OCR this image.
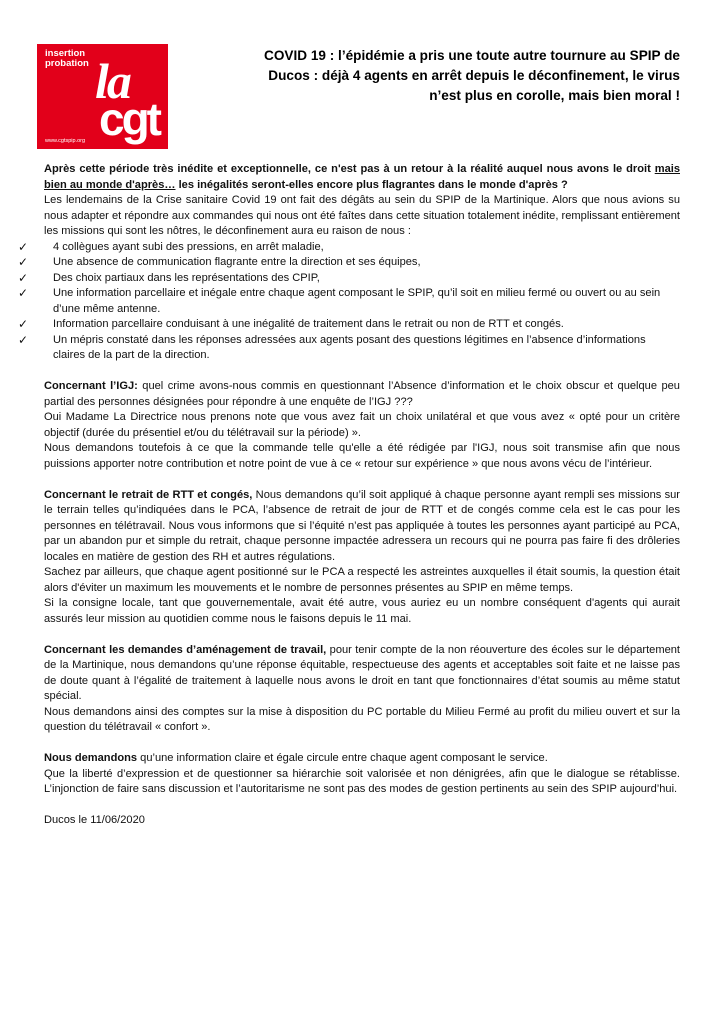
insertion
probation la
cgt
www.cgtspip.org
COVID 19 : l’épidémie a pris une toute autre tournure au SPIP de
Ducos : déjà 4 agents en arrêt depuis le déconfinement, le virus
n’est plus en corolle, mais bien moral !

Après cette période très inédite et exceptionnelle, ce n'est pas à un retour à la réalité auquel nous avons le droit mais bien au monde d'après… les inégalités seront-elles encore plus flagrantes dans le monde d'après ?

Les lendemains de la Crise sanitaire Covid 19 ont fait des dégâts au sein du SPIP de la Martinique. Alors que nous avions su nous adapter et répondre aux commandes qui nous ont été faîtes dans cette situation totalement inédite, remplissant entièrement les missions qui sont les nôtres, le déconfinement aura eu raison de nous :

✓	4 collègues ayant subi des pressions, en arrêt maladie,
✓	Une absence de communication flagrante entre la direction et ses équipes,
✓	Des choix partiaux dans les représentations des CPIP,
✓	Une information parcellaire et inégale entre chaque agent composant le SPIP, qu’il soit en milieu fermé ou ouvert ou au sein d’une même antenne.
✓	Information parcellaire conduisant à une inégalité de traitement dans le retrait ou non de RTT et congés.
✓	Un mépris constaté dans les réponses adressées aux agents posant des questions légitimes en l’absence d’informations claires de la part de la direction.

Concernant l’IGJ: quel crime avons-nous commis en questionnant l’Absence d’information et le choix obscur et quelque peu partial des personnes désignées pour répondre à une enquête de l’IGJ ???

Oui Madame La Directrice nous prenons note que vous avez fait un choix unilatéral et que vous avez « opté pour un critère objectif (durée du présentiel et/ou du télétravail sur la période) ».

Nous demandons toutefois à ce que la commande telle qu'elle a été rédigée par l'IGJ, nous soit transmise afin que nous puissions apporter notre contribution et notre point de vue à ce « retour sur expérience » que nous avons vécu de l’intérieur.

Concernant le retrait de RTT et congés, Nous demandons qu’il soit appliqué à chaque personne ayant rempli ses missions sur le terrain telles qu’indiquées dans le PCA, l’absence de retrait de jour de RTT et de congés comme cela est le cas pour les personnes en télétravail. Nous vous informons que si l’équité n’est pas appliquée à toutes les personnes ayant participé au PCA, par un abandon pur et simple du retrait, chaque personne impactée adressera un recours qui ne pourra pas faire fi des drôleries locales en matière de gestion des RH et autres régulations.

Sachez par ailleurs, que chaque agent positionné sur le PCA a respecté les astreintes auxquelles il était soumis, la question était alors d'éviter un maximum les mouvements et le nombre de personnes présentes au SPIP en même temps.

Si la consigne locale, tant que gouvernementale, avait été autre, vous auriez eu un nombre conséquent d'agents qui aurait assurés leur mission au quotidien comme nous le faisons depuis le 11 mai.

Concernant les demandes d’aménagement de travail, pour tenir compte de la non réouverture des écoles sur le département de la Martinique, nous demandons qu’une réponse équitable, respectueuse des agents et acceptables soit faite et ne laisse pas de doute quant à l’égalité de traitement à laquelle nous avons le droit en tant que fonctionnaires d’état soumis au même statut spécial.

Nous demandons ainsi des comptes sur la mise à disposition du PC portable du Milieu Fermé au profit du milieu ouvert et sur la question du télétravail « confort ».

Nous demandons qu’une information claire et égale circule entre chaque agent composant le service.

Que la liberté d’expression et de questionner sa hiérarchie soit valorisée et non dénigrées, afin que le dialogue se rétablisse. L’injonction de faire sans discussion et l’autoritarisme ne sont pas des modes de gestion pertinents au sein des SPIP aujourd’hui.

Ducos le 11/06/2020
